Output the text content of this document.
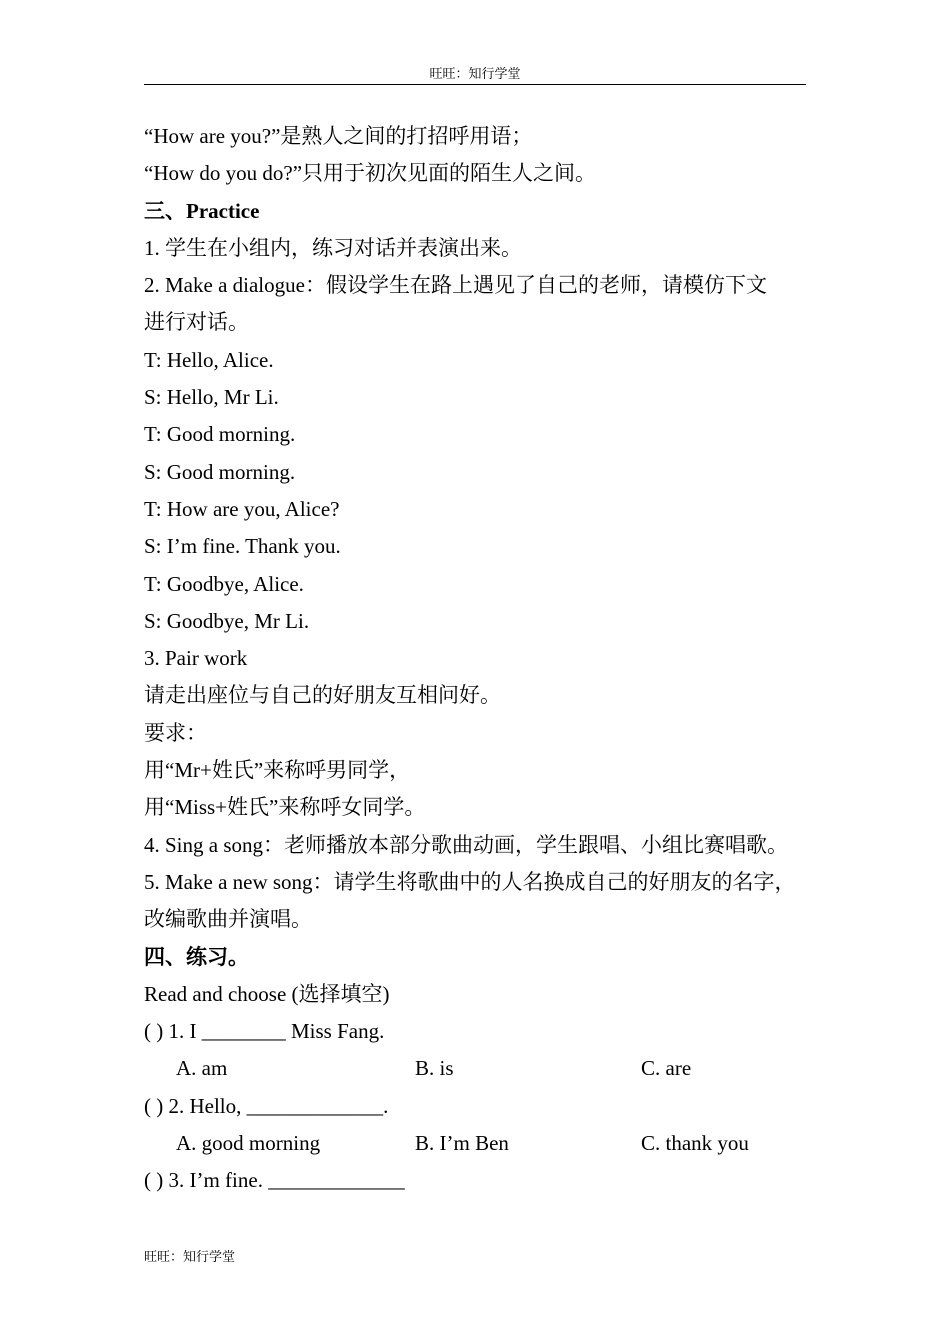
旺旺：知行学堂
“How are you?”是熟人之间的打招呼用语；
“How do you do?”只用于初次见面的陌生人之间。
三、Practice
1. 学生在小组内，练习对话并表演出来。
2. Make a dialogue：假设学生在路上遇见了自己的老师，请模仿下文
进行对话。
T: Hello, Alice.
S: Hello, Mr Li.
T: Good morning.
S: Good morning.
T: How are you, Alice?
S: I’m fine. Thank you.
T: Goodbye, Alice.
S: Goodbye, Mr Li.
3. Pair work
请走出座位与自己的好朋友互相问好。
要求：
用“Mr+姓氏”来称呼男同学，
用“Miss+姓氏”来称呼女同学。
4. Sing a song：老师播放本部分歌曲动画，学生跟唱、小组比赛唱歌。
5. Make a new song：请学生将歌曲中的人名换成自己的好朋友的名字，
改编歌曲并演唱。
四、练习。
Read and choose (选择填空)
( ) 1. I ________ Miss Fang.
A. am	B. is	C. are
( ) 2. Hello, _____________.
A. good morning	B. I’m Ben	C. thank you
( ) 3. I’m fine. _____________
旺旺：知行学堂
